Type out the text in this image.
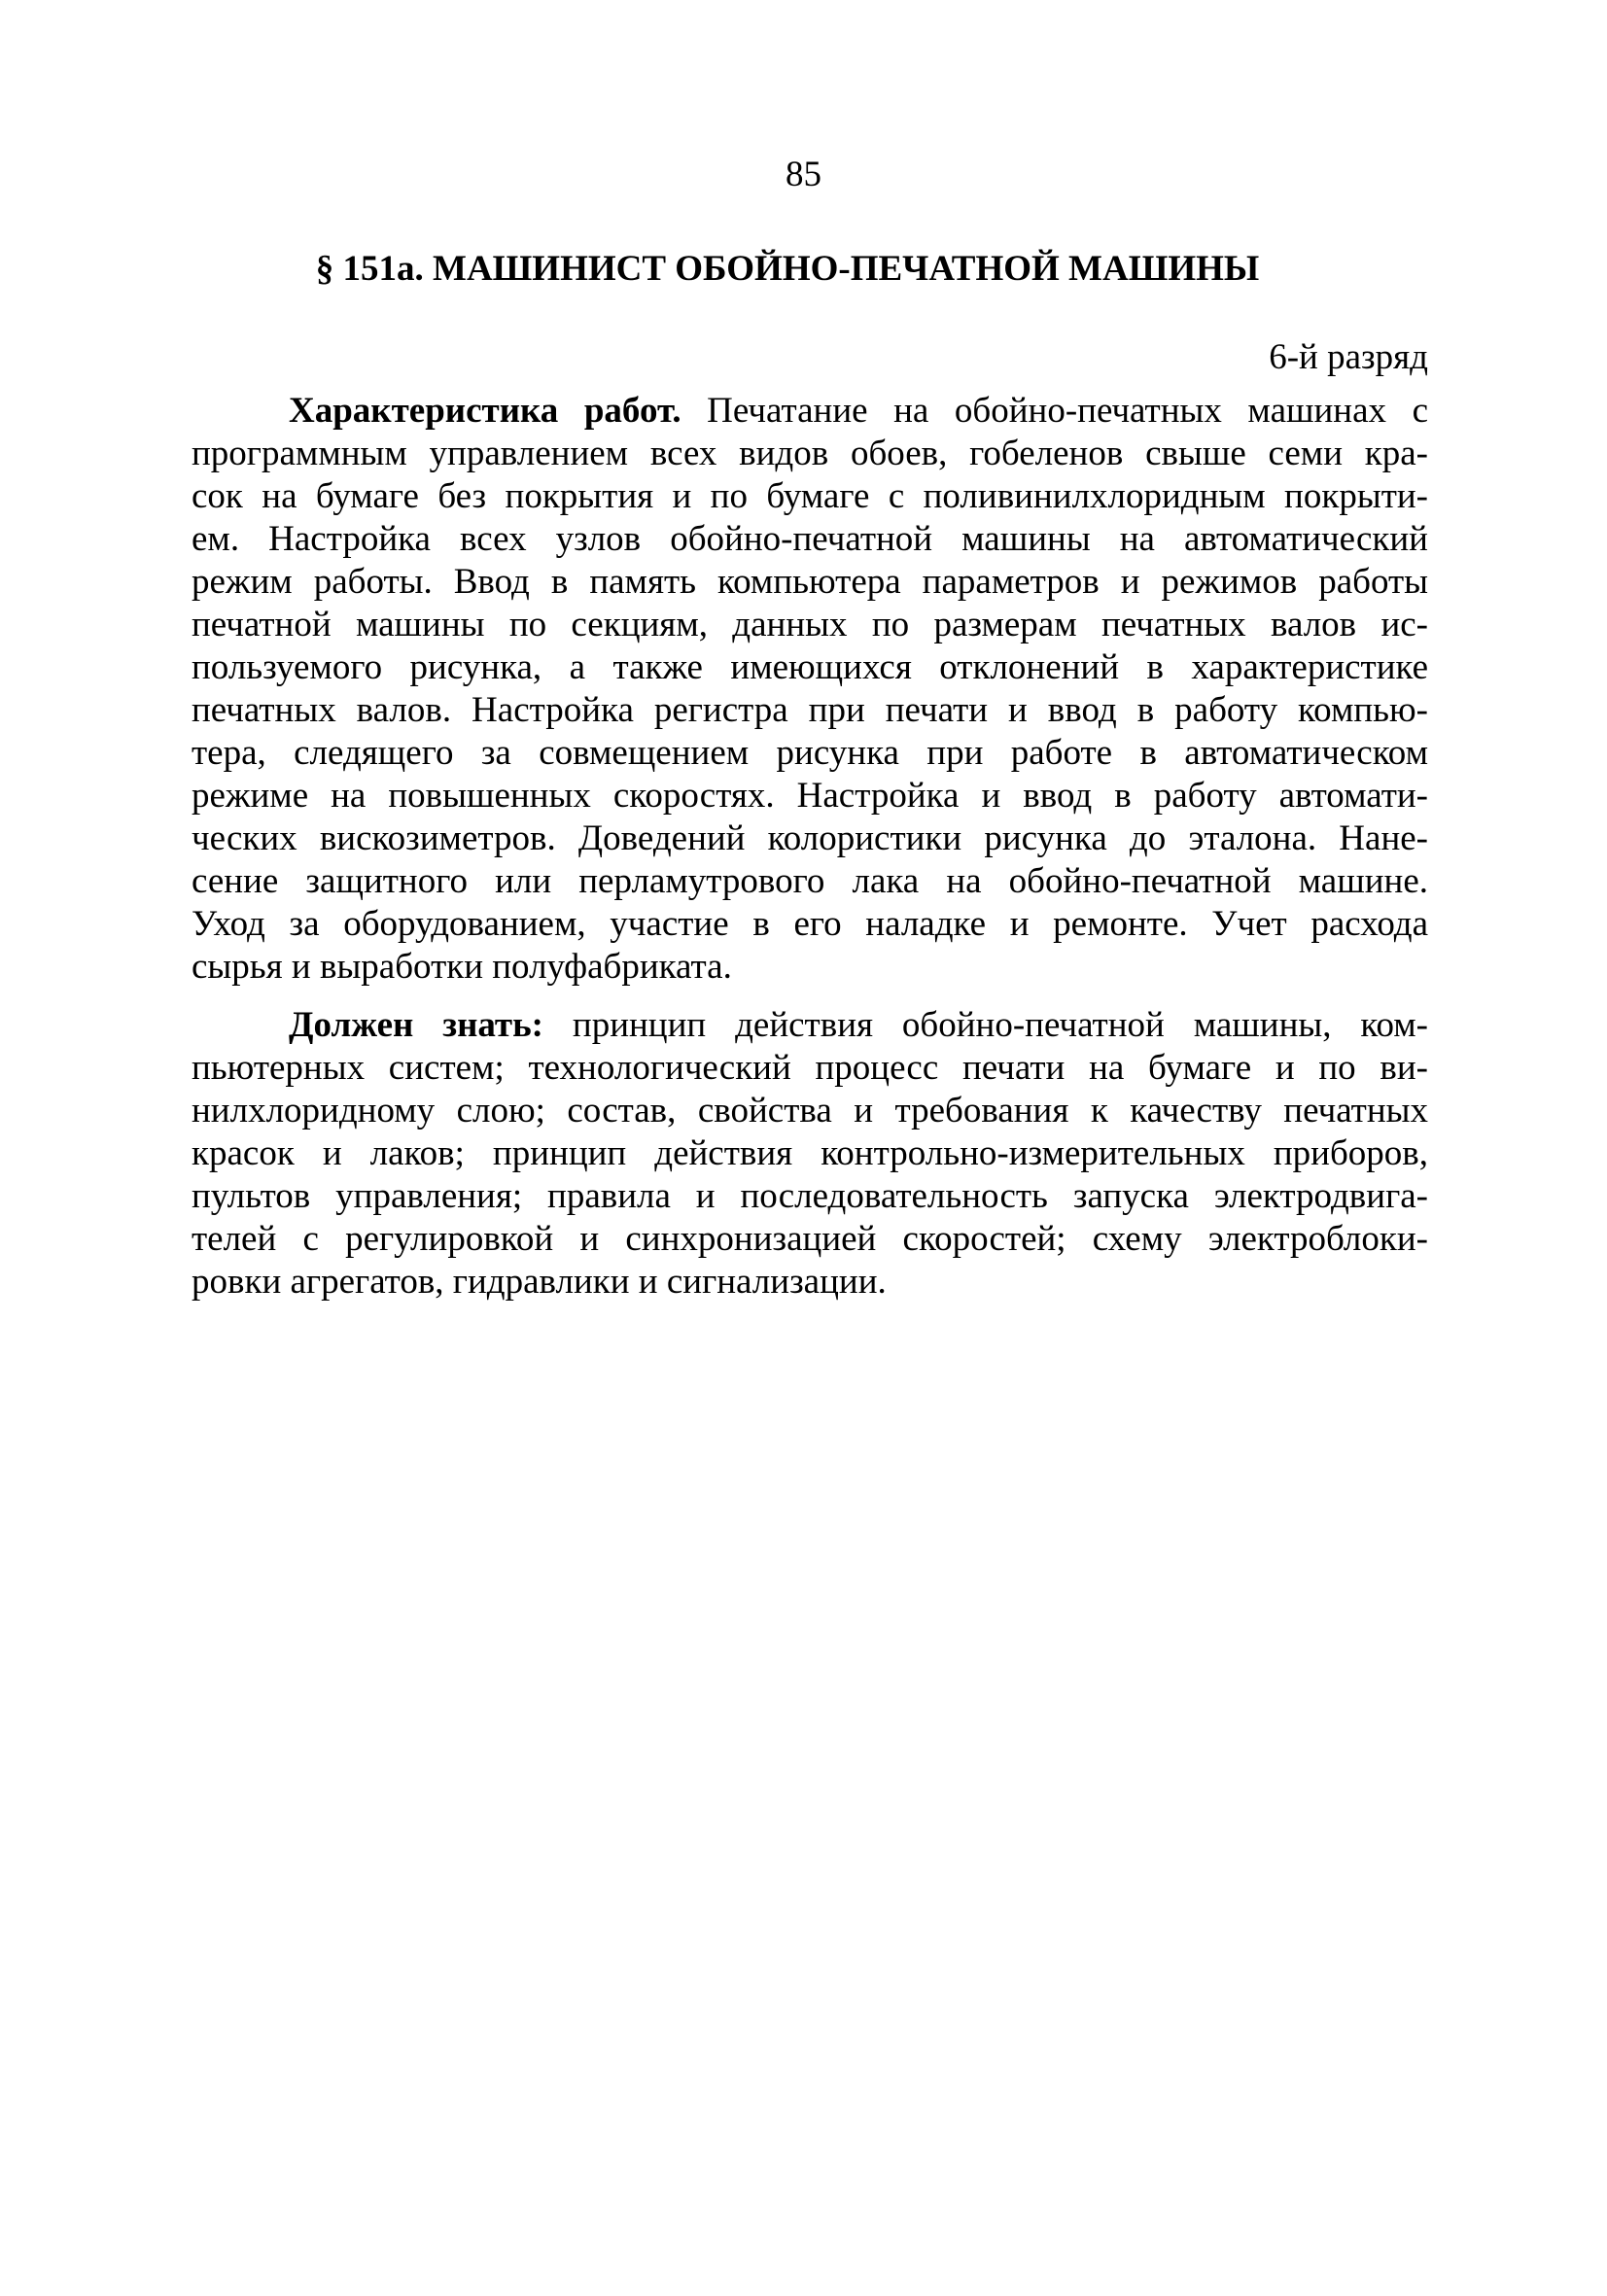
85
§ 151а. МАШИНИСТ ОБОЙНО-ПЕЧАТНОЙ МАШИНЫ
6-й разряд
Характеристика работ. Печатание на обойно-печатных машинах с
программным управлением всех видов обоев, гобеленов свыше семи кра-
сок на бумаге без покрытия и по бумаге с поливинилхлоридным покрыти-
ем. Настройка всех узлов обойно-печатной машины на автоматический
режим работы. Ввод в память компьютера параметров и режимов работы
печатной машины по секциям, данных по размерам печатных валов ис-
пользуемого рисунка, а также имеющихся отклонений в характеристике
печатных валов. Настройка регистра при печати и ввод в работу компью-
тера, следящего за совмещением рисунка при работе в автоматическом
режиме на повышенных скоростях. Настройка и ввод в работу автомати-
ческих вискозиметров. Доведений колористики рисунка до эталона. Нане-
сение защитного или перламутрового лака на обойно-печатной машине.
Уход за оборудованием, участие в его наладке и ремонте. Учет расхода
сырья и выработки полуфабриката.
Должен знать: принцип действия обойно-печатной машины, ком-
пьютерных систем; технологический процесс печати на бумаге и по ви-
нилхлоридному слою; состав, свойства и требования к качеству печатных
красок и лаков; принцип действия контрольно-измерительных приборов,
пультов управления; правила и последовательность запуска электродвига-
телей с регулировкой и синхронизацией скоростей; схему электроблоки-
ровки агрегатов, гидравлики и сигнализации.
